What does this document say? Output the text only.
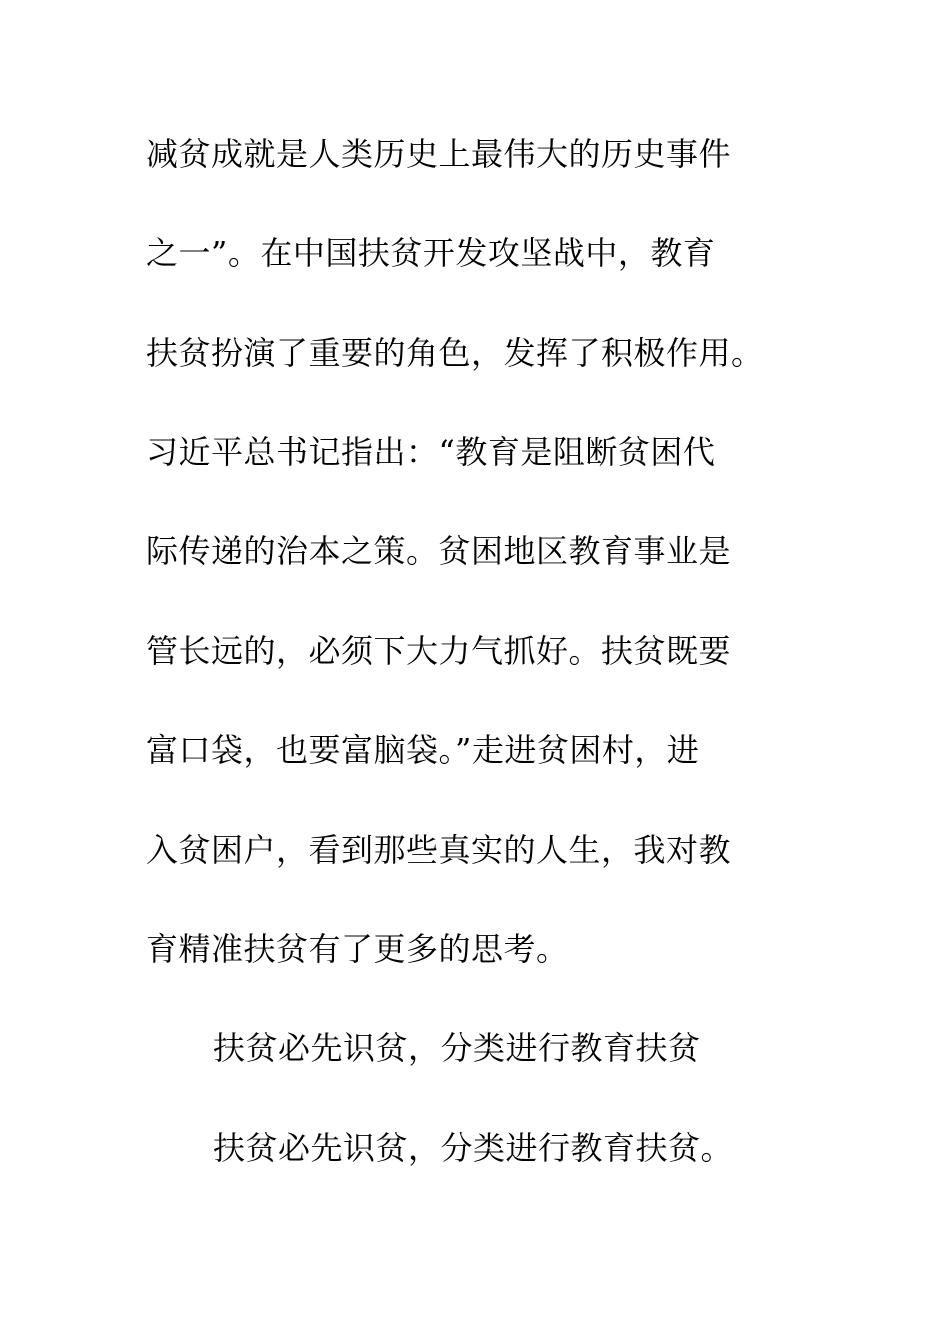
减贫成就是人类历史上最伟大的历史事件
之一”。在中国扶贫开发攻坚战中，教育
扶贫扮演了重要的角色，发挥了积极作用。
习近平总书记指出：“教育是阻断贫困代
际传递的治本之策。贫困地区教育事业是
管长远的，必须下大力气抓好。扶贫既要
富口袋，也要富脑袋。”走进贫困村，进
入贫困户，看到那些真实的人生，我对教
育精准扶贫有了更多的思考。
扶贫必先识贫，分类进行教育扶贫
扶贫必先识贫，分类进行教育扶贫。
